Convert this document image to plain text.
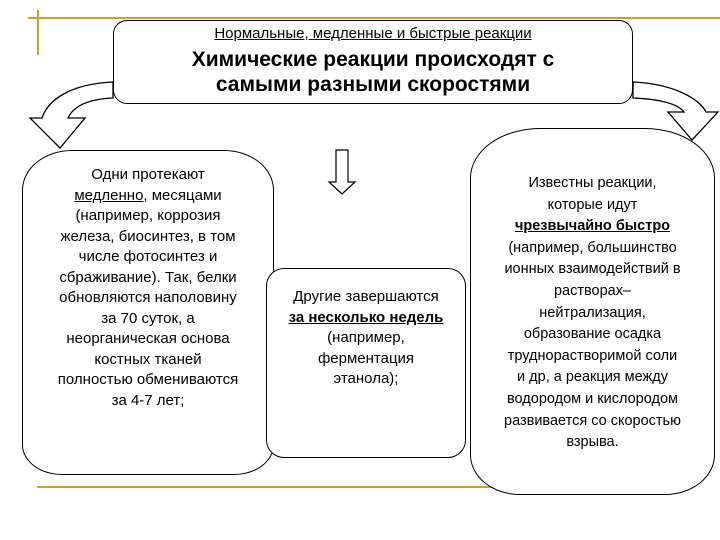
Нормальные, медленные и быстрые реакции
Химические реакции происходят с
самыми разными скоростями
Одни протекают
медленно, месяцами
(например, коррозия
железа, биосинтез, в том
числе фотосинтез и
сбраживание). Так, белки
обновляются наполовину
за 70 суток, а
неорганическая основа
костных тканей
полностью обмениваются
за 4-7 лет;
Другие завершаются
за несколько недель
(например,
ферментация
этанола);
Известны реакции,
которые идут
чрезвычайно быстро
(например, большинство
ионных взаимодействий в
растворах–
нейтрализация,
образование осадка
труднорастворимой соли
и др, а реакция между
водородом и кислородом
развивается со скоростью
взрыва.
